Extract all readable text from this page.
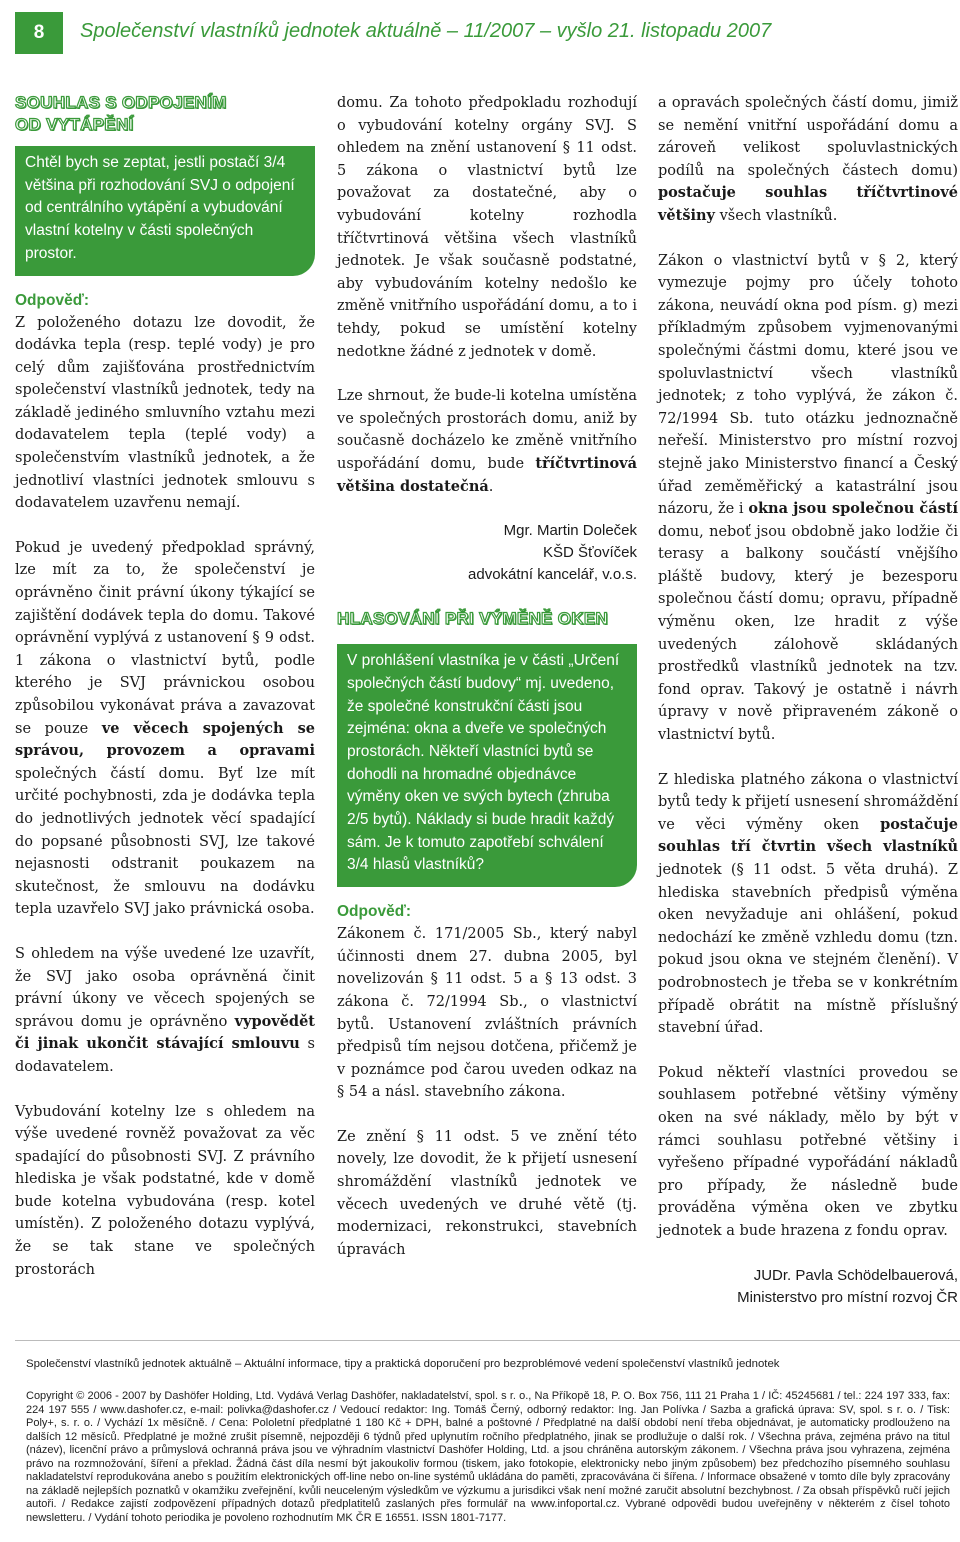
8	Společenství vlastníků jednotek aktuálně – 11/2007 – vyšlo 21. listopadu 2007
SOUHLAS S ODPOJENÍM
OD VYTÁPĚNÍ
Chtěl bych se zeptat, jestli postačí 3/4 většina při rozhodování SVJ o odpojení od centrálního vytápění a vybudování vlastní kotelny v části společných prostor.
Odpověď:

Z položeného dotazu lze dovodit, že dodávka tepla (resp. teplé vody) je pro celý dům zajišťována prostřednictvím společenství vlastníků jednotek, tedy na základě jediného smluvního vztahu mezi dodavatelem tepla (teplé vody) a společenstvím vlastníků jednotek, a že jednotliví vlastníci jednotek smlouvu s dodavatelem uzavřenu nemají.

Pokud je uvedený předpoklad správný, lze mít za to, že společenství je oprávněno činit právní úkony týkající se zajištění dodávek tepla do domu. Takové oprávnění vyplývá z ustanovení § 9 odst. 1 zákona o vlastnictví bytů, podle kterého je SVJ právnickou osobou způsobilou vykonávat práva a zavazovat se pouze ve věcech spojených se správou, provozem a opravami společných částí domu. Byť lze mít určité pochybnosti, zda je dodávka tepla do jednotlivých jednotek věcí spadající do popsané působnosti SVJ, lze takové nejasnosti odstranit poukazem na skutečnost, že smlouvu na dodávku tepla uzavřelo SVJ jako právnická osoba.

S ohledem na výše uvedené lze uzavřít, že SVJ jako osoba oprávněná činit právní úkony ve věcech spojených se správou domu je oprávněno vypovědět či jinak ukončit stávající smlouvu s dodavatelem.

Vybudování kotelny lze s ohledem na výše uvedené rovněž považovat za věc spadající do působnosti SVJ. Z právního hlediska je však podstatné, kde v domě bude kotelna vybudována (resp. kotel umístěn). Z položeného dotazu vyplývá, že se tak stane ve společných prostorách

domu. Za tohoto předpokladu rozhodují o vybudování kotelny orgány SVJ. S ohledem na znění ustanovení § 11 odst. 5 zákona o vlastnictví bytů lze považovat za dostatečné, aby o vybudování kotelny rozhodla tříčtvrtinová většina všech vlastníků jednotek. Je však současně podstatné, aby vybudováním kotelny nedošlo ke změně vnitřního uspořádání domu, a to i tehdy, pokud se umístění kotelny nedotkne žádné z jednotek v domě.

Lze shrnout, že bude-li kotelna umístěna ve společných prostorách domu, aniž by současně docházelo ke změně vnitřního uspořádání domu, bude tříčtvrtinová většina dostatečná.

Mgr. Martin Doleček
KŠD Šťovíček
advokátní kancelář, v.o.s.
HLASOVÁNÍ PŘI VÝMĚNĚ OKEN
V prohlášení vlastníka je v části „Určení společných částí budovy“ mj. uvedeno, že společné konstrukční části jsou zejména: okna a dveře ve společných prostorách. Někteří vlastníci bytů se dohodli na hromadné objednávce výměny oken ve svých bytech (zhruba 2/5 bytů). Náklady si bude hradit každý sám. Je k tomuto zapotřebí schválení 3/4 hlasů vlastníků?
Odpověď:

Zákonem č. 171/2005 Sb., který nabyl účinnosti dnem 27. dubna 2005, byl novelizován § 11 odst. 5 a § 13 odst. 3 zákona č. 72/1994 Sb., o vlastnictví bytů. Ustanovení zvláštních právních předpisů tím nejsou dotčena, přičemž je v poznámce pod čarou uveden odkaz na § 54 a násl. stavebního zákona.

Ze znění § 11 odst. 5 ve znění této novely, lze dovodit, že k přijetí usnesení shromáždění vlastníků jednotek ve věcech uvedených ve druhé větě (tj. modernizaci, rekonstrukci, stavebních úpravách

a opravách společných částí domu, jimiž se nemění vnitřní uspořádání domu a zároveň velikost spoluvlastnických podílů na společných částech domu) postačuje souhlas tříčtvrtinové většiny všech vlastníků.

Zákon o vlastnictví bytů v § 2, který vymezuje pojmy pro účely tohoto zákona, neuvádí okna pod písm. g) mezi příkladmým způsobem vyjmenovanými společnými částmi domu, které jsou ve spoluvlastnictví všech vlastníků jednotek; z toho vyplývá, že zákon č. 72/1994 Sb. tuto otázku jednoznačně neřeší. Ministerstvo pro místní rozvoj stejně jako Ministerstvo financí a Český úřad zeměměřický a katastrální jsou názoru, že i okna jsou společnou částí domu, neboť jsou obdobně jako lodžie či terasy a balkony součástí vnějšího pláště budovy, který je bezesporu společnou částí domu; opravu, případně výměnu oken, lze hradit z výše uvedených zálohově skládaných prostředků vlastníků jednotek na tzv. fond oprav. Takový je ostatně i návrh úpravy v nově připraveném zákoně o vlastnictví bytů.

Z hlediska platného zákona o vlastnictví bytů tedy k přijetí usnesení shromáždění ve věci výměny oken postačuje souhlas tří čtvrtin všech vlastníků jednotek (§ 11 odst. 5 věta druhá). Z hlediska stavebních předpisů výměna oken nevyžaduje ani ohlášení, pokud nedochází ke změně vzhledu domu (tzn. pokud jsou okna ve stejném členění). V podrobnostech je třeba se v konkrétním případě obrátit na místně příslušný stavební úřad.

Pokud někteří vlastníci provedou se souhlasem potřebné většiny výměny oken na své náklady, mělo by být v rámci souhlasu potřebné většiny i vyřešeno případné vypořádání nákladů pro případy, že následně bude prováděna výměna oken ve zbytku jednotek a bude hrazena z fondu oprav.

JUDr. Pavla Schödelbauerová,
Ministerstvo pro místní rozvoj ČR
Společenství vlastníků jednotek aktuálně – Aktuální informace, tipy a praktická doporučení pro bezproblémové vedení společenství vlastníků jednotek
Copyright © 2006 - 2007 by Dashöfer Holding, Ltd. Vydává Verlag Dashöfer, nakladatelství, spol. s r. o., Na Příkopě 18, P. O. Box 756, 111 21 Praha 1 / IČ: 45245681 / tel.: 224 197 333, fax: 224 197 555 / www.dashofer.cz, e-mail: polivka@dashofer.cz / Vedoucí redaktor: Ing. Tomáš Černý, odborný redaktor: Ing. Jan Polívka / Sazba a grafická úprava: SV, spol. s r. o. / Tisk: Poly+, s. r. o. / Vychází 1x měsíčně. / Cena: Pololetní předplatné 1 180 Kč + DPH, balné a poštovné / Předplatné na další období není třeba objednávat, je automaticky prodlouženo na dalších 12 měsíců. Předplatné je možné zrušit písemně, nejpozději 6 týdnů před uplynutím ročního předplatného, jinak se prodlužuje o další rok. / Všechna práva, zejména právo na titul (název), licenční právo a průmyslová ochranná práva jsou ve výhradním vlastnictví Dashöfer Holding, Ltd. a jsou chráněna autorským zákonem. / Všechna práva jsou vyhrazena, zejména právo na rozmnožování, šíření a překlad. Žádná část díla nesmí být jakoukoliv formou (tiskem, jako fotokopie, elektronicky nebo jiným způsobem) bez předchozího písemného souhlasu nakladatelství reprodukována anebo s použitím elektronických off-line nebo on-line systémů ukládána do paměti, zpracovávána či šířena. / Informace obsažené v tomto díle byly zpracovány na základě nejlepších poznatků v okamžiku zveřejnění, kvůli neuceleným výsledkům ve výzkumu a jurisdikci však není možné zaručit absolutní bezchybnost. / Za obsah příspěvků ručí jejich autoři. / Redakce zajistí zodpovězení případných dotazů předplatitelů zaslaných přes formulář na www.infoportal.cz. Vybrané odpovědi budou uveřejněny v některém z čísel tohoto newsletteru. / Vydání tohoto periodika je povoleno rozhodnutím MK ČR E 16551. ISSN 1801-7177.
